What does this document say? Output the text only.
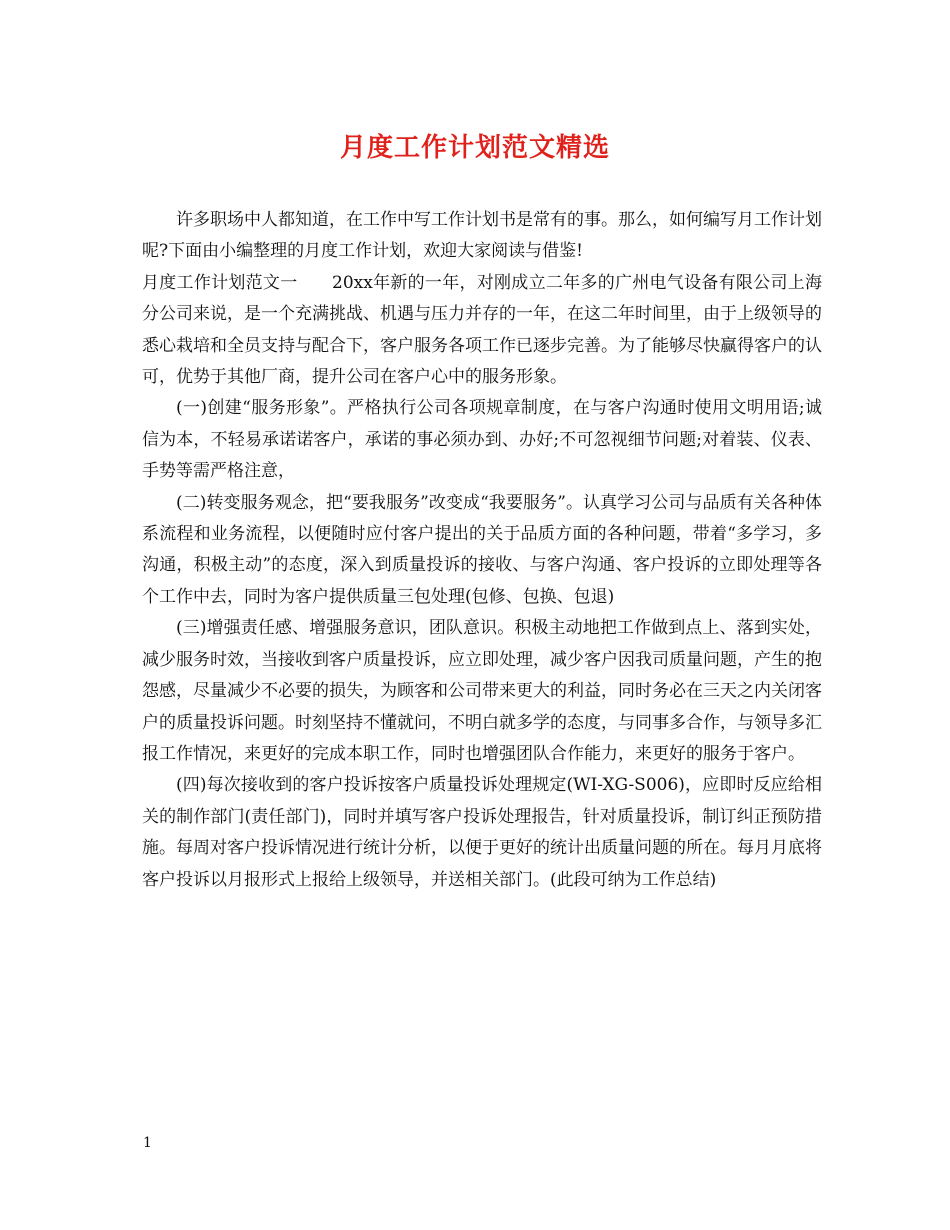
月度工作计划范文精选

许多职场中人都知道，在工作中写工作计划书是常有的事。那么，如何编写月工作计划呢?下面由小编整理的月度工作计划，欢迎大家阅读与借鉴!

月度工作计划范文一　　20xx年新的一年，对刚成立二年多的广州电气设备有限公司上海分公司来说，是一个充满挑战、机遇与压力并存的一年，在这二年时间里，由于上级领导的悉心栽培和全员支持与配合下，客户服务各项工作已逐步完善。为了能够尽快赢得客户的认可，优势于其他厂商，提升公司在客户心中的服务形象。

(一)创建“服务形象”。严格执行公司各项规章制度，在与客户沟通时使用文明用语;诚信为本，不轻易承诺诺客户，承诺的事必须办到、办好;不可忽视细节问题;对着装、仪表、手势等需严格注意，

(二)转变服务观念，把“要我服务”改变成“我要服务”。认真学习公司与品质有关各种体系流程和业务流程，以便随时应付客户提出的关于品质方面的各种问题，带着“多学习，多沟通，积极主动”的态度，深入到质量投诉的接收、与客户沟通、客户投诉的立即处理等各个工作中去，同时为客户提供质量三包处理(包修、包换、包退)

(三)增强责任感、增强服务意识，团队意识。积极主动地把工作做到点上、落到实处，减少服务时效，当接收到客户质量投诉，应立即处理，减少客户因我司质量问题，产生的抱怨感，尽量减少不必要的损失，为顾客和公司带来更大的利益，同时务必在三天之内关闭客户的质量投诉问题。时刻坚持不懂就问，不明白就多学的态度，与同事多合作，与领导多汇报工作情况，来更好的完成本职工作，同时也增强团队合作能力，来更好的服务于客户。

(四)每次接收到的客户投诉按客户质量投诉处理规定(WI-XG-S006)，应即时反应给相关的制作部门(责任部门)，同时并填写客户投诉处理报告，针对质量投诉，制订纠正预防措施。每周对客户投诉情况进行统计分析，以便于更好的统计出质量问题的所在。每月月底将客户投诉以月报形式上报给上级领导，并送相关部门。(此段可纳为工作总结)

1
